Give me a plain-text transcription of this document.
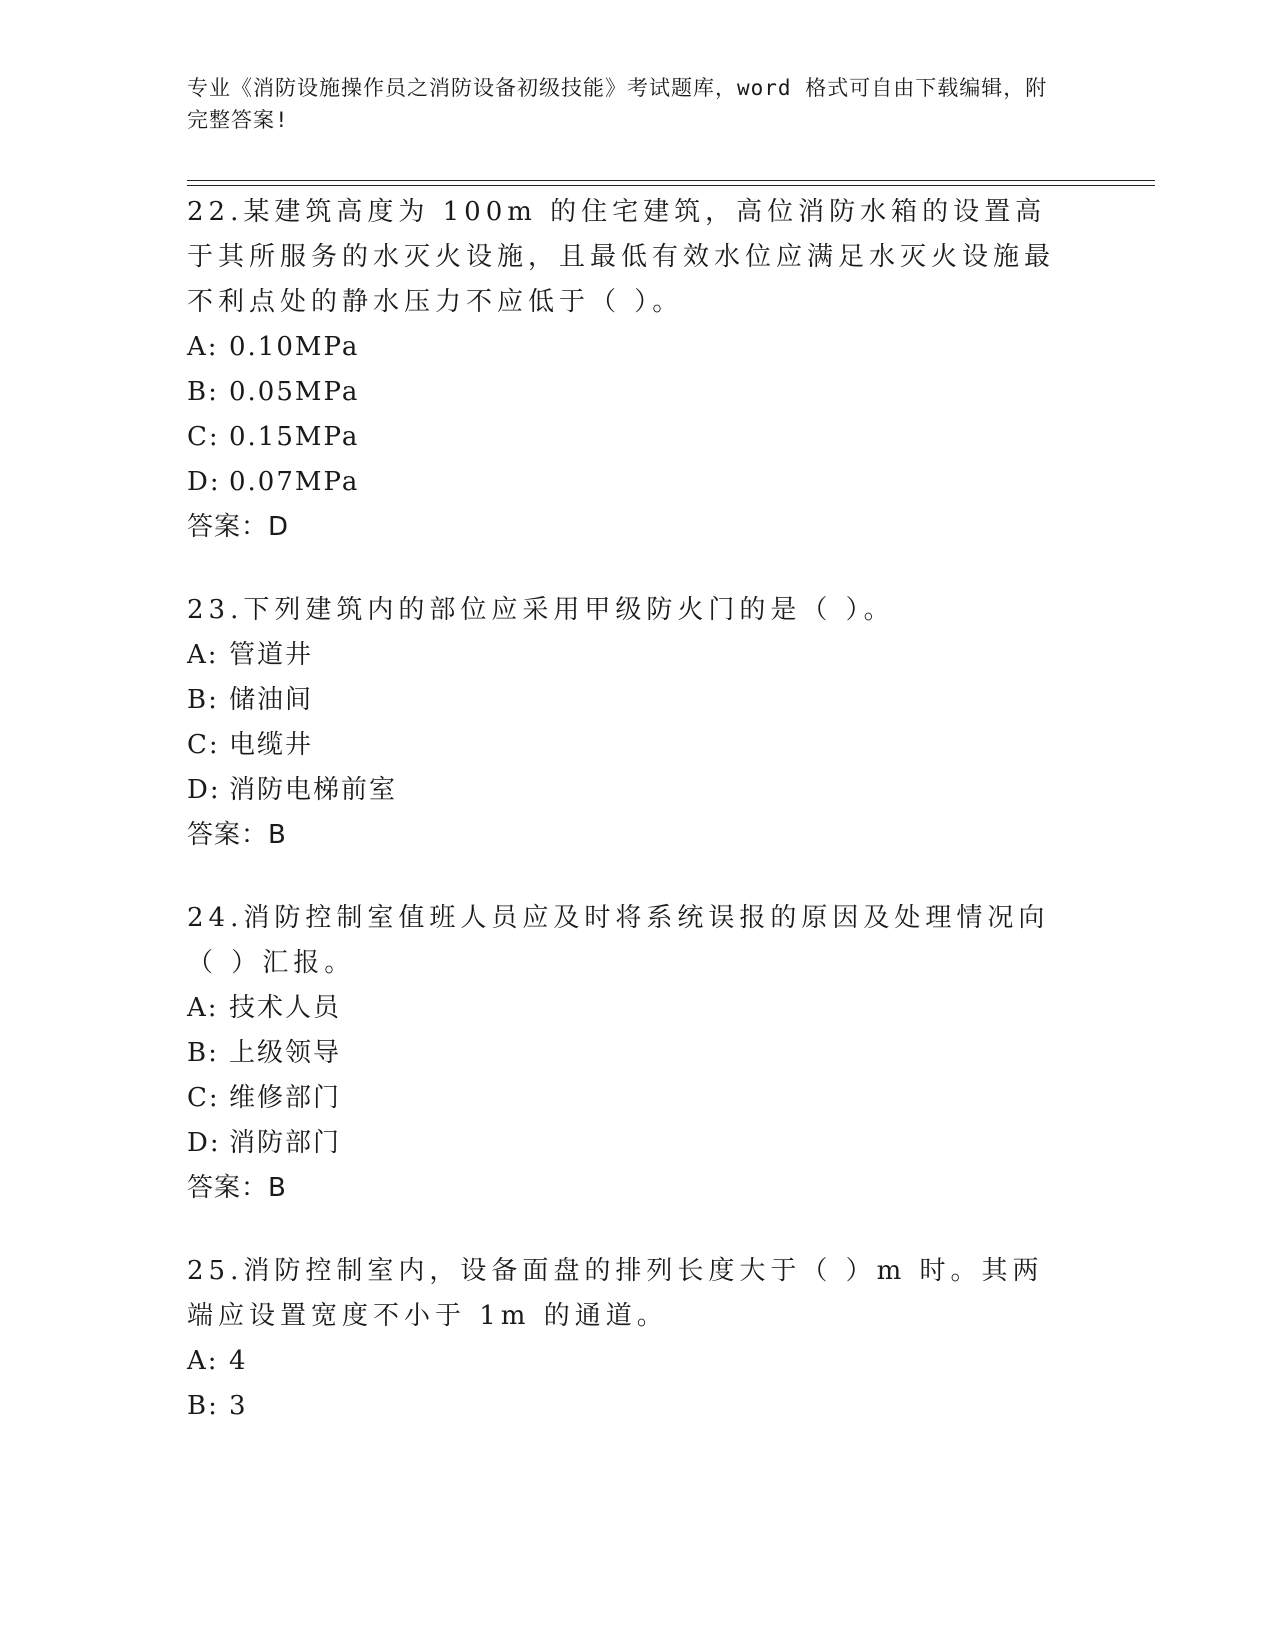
专业《消防设施操作员之消防设备初级技能》考试题库，word 格式可自由下载编辑，附完整答案!
22.某建筑高度为 100m 的住宅建筑，高位消防水箱的设置高于其所服务的水灭火设施，且最低有效水位应满足水灭火设施最不利点处的静水压力不应低于（ ）。
A: 0.10MPa
B: 0.05MPa
C: 0.15MPa
D: 0.07MPa
答案：D
23.下列建筑内的部位应采用甲级防火门的是（ ）。
A: 管道井
B: 储油间
C: 电缆井
D: 消防电梯前室
答案：B
24.消防控制室值班人员应及时将系统误报的原因及处理情况向（ ）汇报。
A: 技术人员
B: 上级领导
C: 维修部门
D: 消防部门
答案：B
25.消防控制室内，设备面盘的排列长度大于（ ）m 时。其两端应设置宽度不小于 1m 的通道。
A: 4
B: 3
